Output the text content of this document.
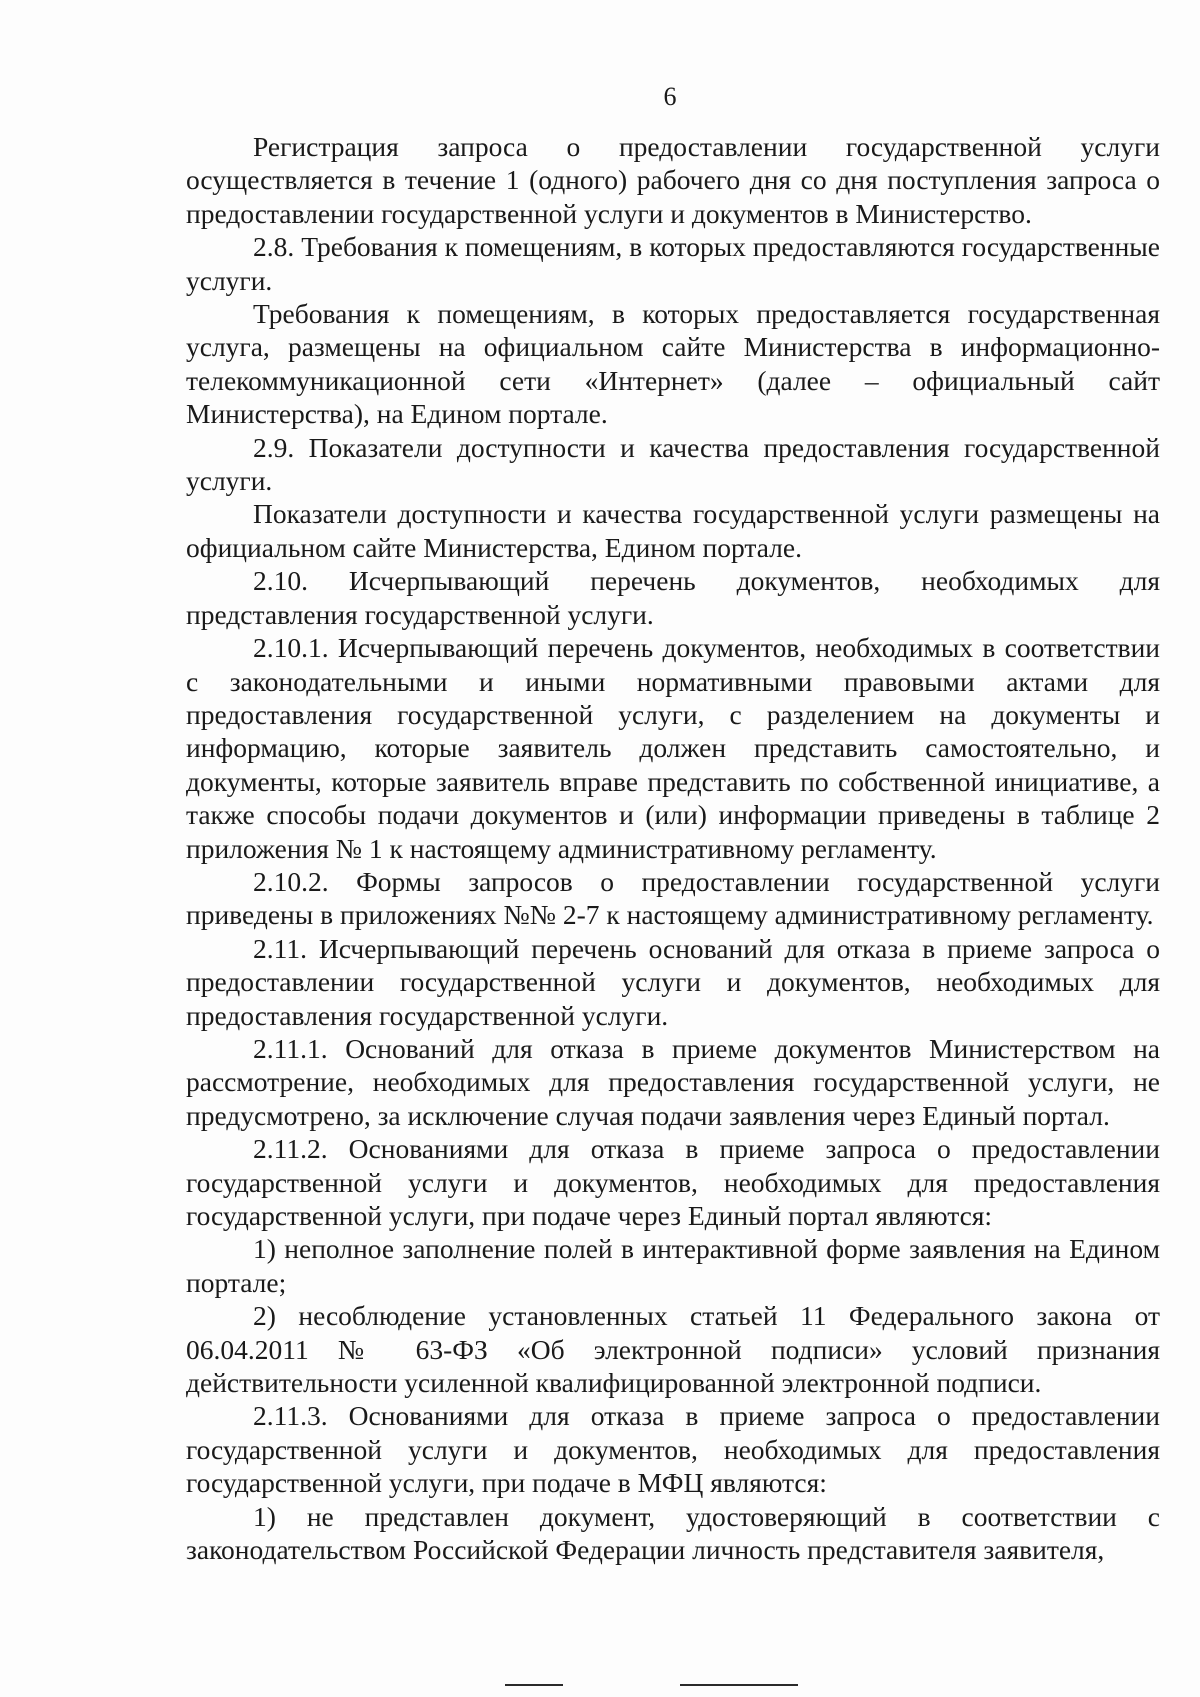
6

Регистрация запроса о предоставлении государственной услуги осуществляется в течение 1 (одного) рабочего дня со дня поступления запроса о предоставлении государственной услуги и документов в Министерство.

2.8. Требования к помещениям, в которых предоставляются государственные услуги.

Требования к помещениям, в которых предоставляется государственная услуга, размещены на официальном сайте Министерства в информационно-телекоммуникационной сети «Интернет» (далее – официальный сайт Министерства), на Едином портале.

2.9. Показатели доступности и качества предоставления государственной услуги.

Показатели доступности и качества государственной услуги размещены на официальном сайте Министерства, Едином портале.

2.10. Исчерпывающий перечень документов, необходимых для представления государственной услуги.

2.10.1. Исчерпывающий перечень документов, необходимых в соответствии с законодательными и иными нормативными правовыми актами для предоставления государственной услуги, с разделением на документы и информацию, которые заявитель должен представить самостоятельно, и документы, которые заявитель вправе представить по собственной инициативе, а также способы подачи документов и (или) информации приведены в таблице 2 приложения № 1 к настоящему административному регламенту.

2.10.2. Формы запросов о предоставлении государственной услуги приведены в приложениях №№ 2-7 к настоящему административному регламенту.

2.11. Исчерпывающий перечень оснований для отказа в приеме запроса о предоставлении государственной услуги и документов, необходимых для предоставления государственной услуги.

2.11.1. Оснований для отказа в приеме документов Министерством на рассмотрение, необходимых для предоставления государственной услуги, не предусмотрено, за исключение случая подачи заявления через Единый портал.

2.11.2. Основаниями для отказа в приеме запроса о предоставлении государственной услуги и документов, необходимых для предоставления государственной услуги, при подаче через Единый портал являются:

1) неполное заполнение полей в интерактивной форме заявления на Едином портале;

2) несоблюдение установленных статьей 11 Федерального закона от 06.04.2011 № 63-ФЗ «Об электронной подписи» условий признания действительности усиленной квалифицированной электронной подписи.

2.11.3. Основаниями для отказа в приеме запроса о предоставлении государственной услуги и документов, необходимых для предоставления государственной услуги, при подаче в МФЦ являются:

1) не представлен документ, удостоверяющий в соответствии с законодательством Российской Федерации личность представителя заявителя,
